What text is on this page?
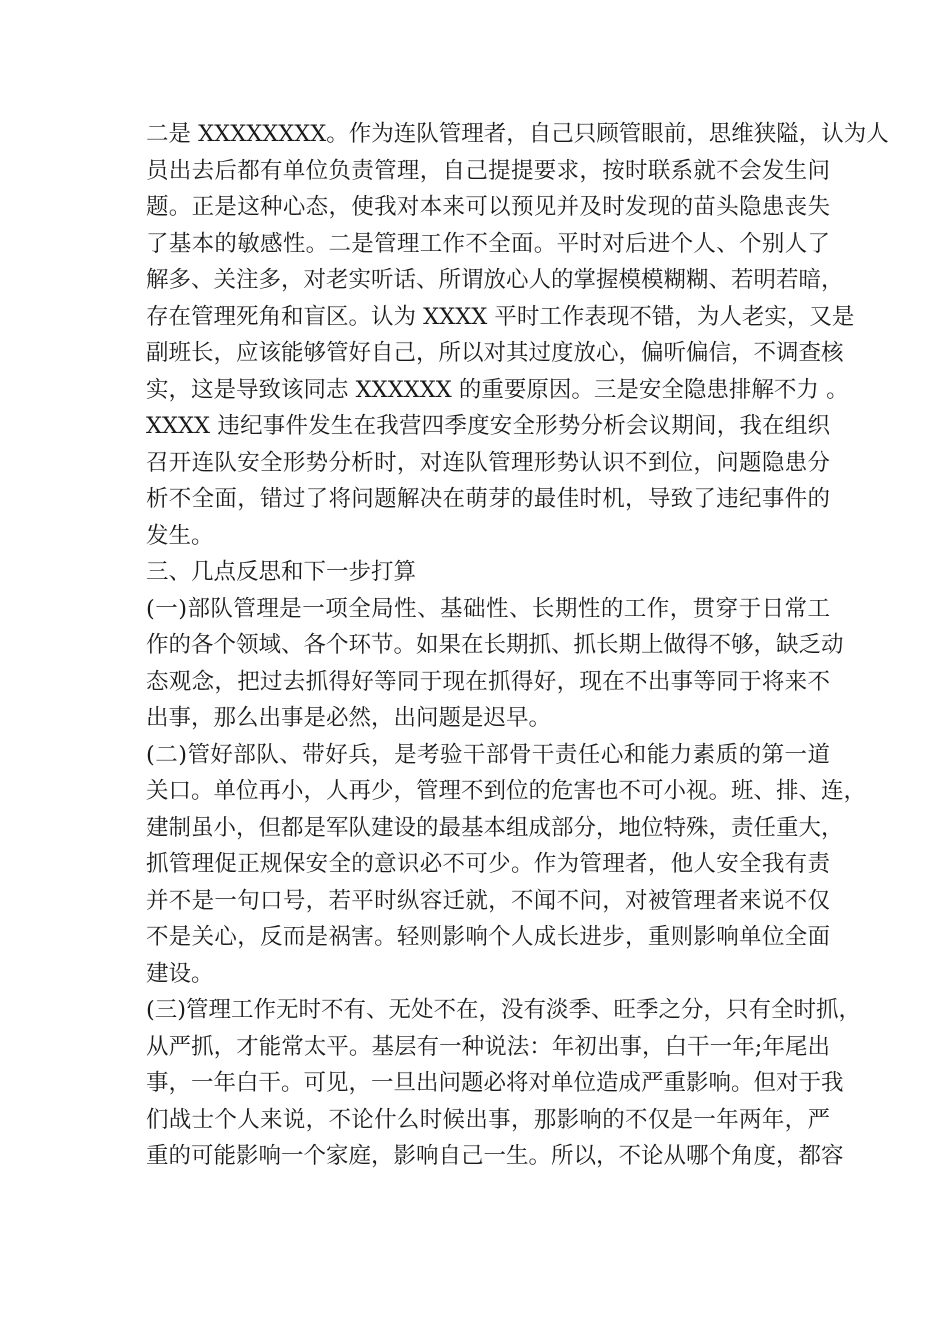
二是 XXXXXXXX。作为连队管理者，自己只顾管眼前，思维狭隘，认为人
员出去后都有单位负责管理，自己提提要求，按时联系就不会发生问
题。正是这种心态，使我对本来可以预见并及时发现的苗头隐患丧失
了基本的敏感性。二是管理工作不全面。平时对后进个人、个别人了
解多、关注多，对老实听话、所谓放心人的掌握模模糊糊、若明若暗，
存在管理死角和盲区。认为 XXXX 平时工作表现不错，为人老实，又是
副班长，应该能够管好自己，所以对其过度放心，偏听偏信，不调查核
实，这是导致该同志 XXXXXX 的重要原因。三是安全隐患排解不力 。
XXXX 违纪事件发生在我营四季度安全形势分析会议期间，我在组织
召开连队安全形势分析时，对连队管理形势认识不到位，问题隐患分
析不全面，错过了将问题解决在萌芽的最佳时机，导致了违纪事件的
发生。
三、几点反思和下一步打算
(一)部队管理是一项全局性、基础性、长期性的工作，贯穿于日常工
作的各个领域、各个环节。如果在长期抓、抓长期上做得不够，缺乏动
态观念，把过去抓得好等同于现在抓得好，现在不出事等同于将来不
出事，那么出事是必然，出问题是迟早。
(二)管好部队、带好兵，是考验干部骨干责任心和能力素质的第一道
关口。单位再小，人再少，管理不到位的危害也不可小视。班、排、连，
建制虽小，但都是军队建设的最基本组成部分，地位特殊，责任重大，
抓管理促正规保安全的意识必不可少。作为管理者，他人安全我有责
并不是一句口号，若平时纵容迁就，不闻不问，对被管理者来说不仅
不是关心，反而是祸害。轻则影响个人成长进步，重则影响单位全面
建设。
(三)管理工作无时不有、无处不在，没有淡季、旺季之分，只有全时抓，
从严抓，才能常太平。基层有一种说法：年初出事，白干一年;年尾出
事，一年白干。可见，一旦出问题必将对单位造成严重影响。但对于我
们战士个人来说，不论什么时候出事，那影响的不仅是一年两年，严
重的可能影响一个家庭，影响自己一生。所以，不论从哪个角度，都容
